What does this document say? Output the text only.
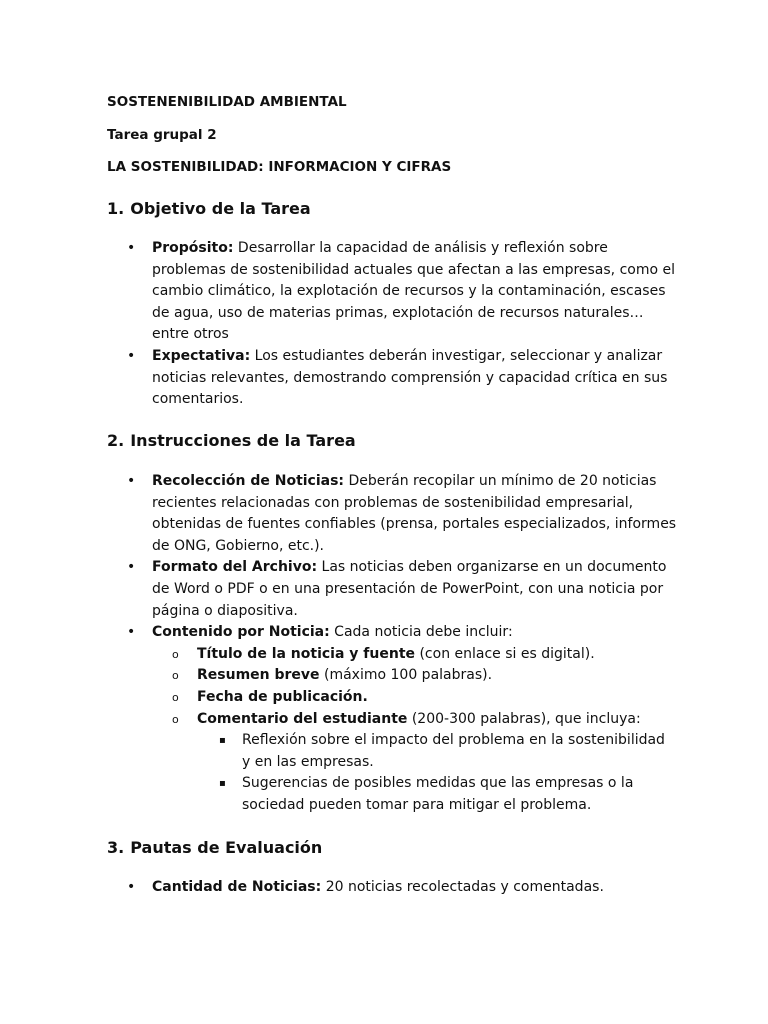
SOSTENENIBILIDAD AMBIENTAL
Tarea grupal 2
LA SOSTENIBILIDAD: INFORMACION Y CIFRAS
1. Objetivo de la Tarea
• Propósito: Desarrollar la capacidad de análisis y reflexión sobre problemas de sostenibilidad actuales que afectan a las empresas, como el cambio climático, la explotación de recursos y la contaminación, escases de agua, uso de materias primas, explotación de recursos naturales… entre otros
• Expectativa: Los estudiantes deberán investigar, seleccionar y analizar noticias relevantes, demostrando comprensión y capacidad crítica en sus comentarios.
2. Instrucciones de la Tarea
• Recolección de Noticias: Deberán recopilar un mínimo de 20 noticias recientes relacionadas con problemas de sostenibilidad empresarial, obtenidas de fuentes confiables (prensa, portales especializados, informes de ONG, Gobierno, etc.).
• Formato del Archivo: Las noticias deben organizarse en un documento de Word o PDF o en una presentación de PowerPoint, con una noticia por página o diapositiva.
• Contenido por Noticia: Cada noticia debe incluir:
o Título de la noticia y fuente (con enlace si es digital).
o Resumen breve (máximo 100 palabras).
o Fecha de publicación.
o Comentario del estudiante (200-300 palabras), que incluya:
▪ Reflexión sobre el impacto del problema en la sostenibilidad y en las empresas.
▪ Sugerencias de posibles medidas que las empresas o la sociedad pueden tomar para mitigar el problema.
3. Pautas de Evaluación
• Cantidad de Noticias: 20 noticias recolectadas y comentadas.
